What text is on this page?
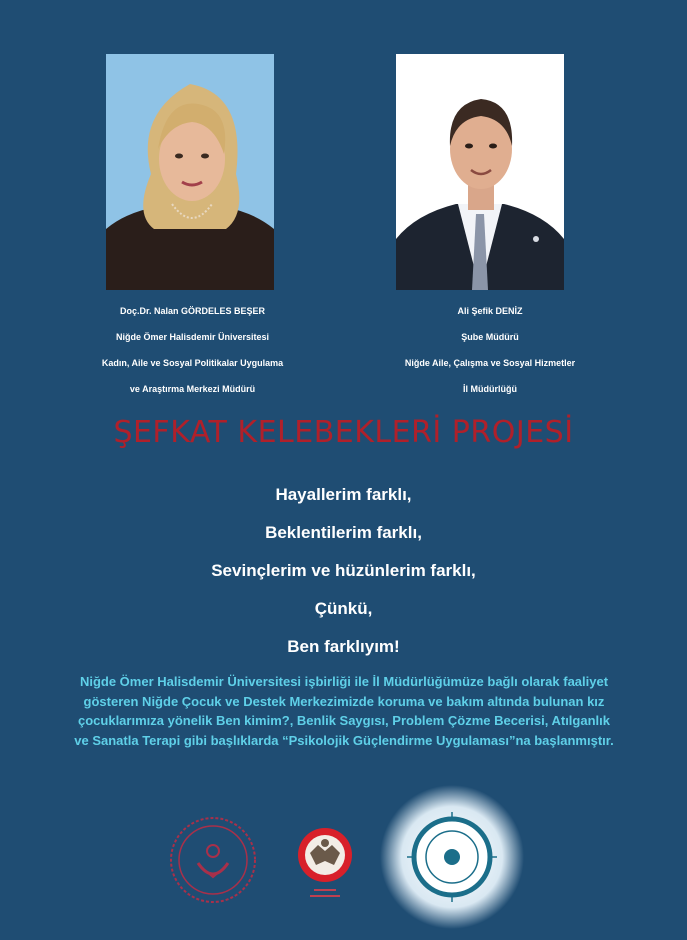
Doç.Dr. Nalan GÖRDELES BEŞER
Niğde Ömer Halisdemir Üniversitesi
Kadın, Aile ve Sosyal Politikalar Uygulama
ve Araştırma Merkezi Müdürü
Ali Şefik DENİZ
Şube Müdürü
Niğde Aile, Çalışma ve Sosyal Hizmetler
İl Müdürlüğü
ŞEFKAT KELEBEKLERİ PROJESİ
Hayallerim farklı,
Beklentilerim farklı,
Sevinçlerim ve hüzünlerim farklı,
Çünkü,
Ben farklıyım!
Niğde Ömer Halisdemir Üniversitesi işbirliği ile İl Müdürlüğümüze bağlı olarak faaliyet gösteren Niğde Çocuk ve Destek Merkezimizde koruma ve bakım altında bulunan kız çocuklarımıza yönelik Ben kimim?, Benlik Saygısı, Problem Çözme Becerisi, Atılganlık ve Sanatla Terapi gibi başlıklarda “Psikolojik Güçlendirme Uygulaması”na başlanmıştır.
